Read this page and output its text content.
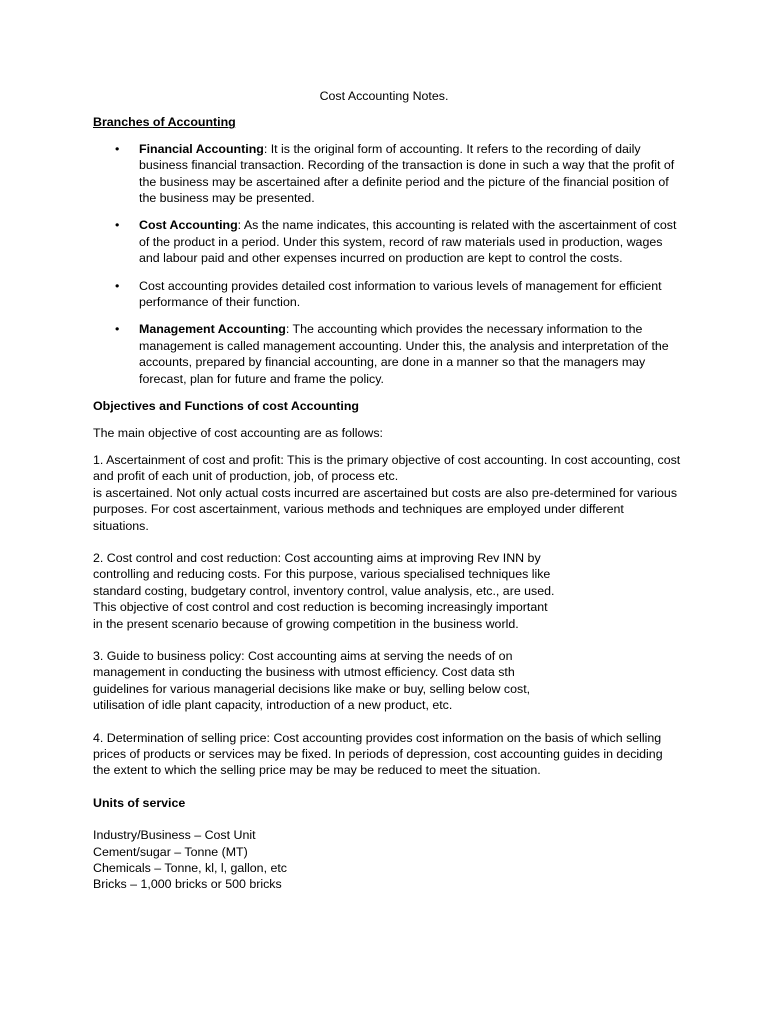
Cost Accounting Notes.
Branches of Accounting
• Financial Accounting: It is the original form of accounting. It refers to the recording of daily business financial transaction. Recording of the transaction is done in such a way that the profit of the business may be ascertained after a definite period and the picture of the financial position of the business may be presented.
• Cost Accounting: As the name indicates, this accounting is related with the ascertainment of cost of the product in a period. Under this system, record of raw materials used in production, wages and labour paid and other expenses incurred on production are kept to control the costs.
• Cost accounting provides detailed cost information to various levels of management for efficient performance of their function.
• Management Accounting: The accounting which provides the necessary information to the management is called management accounting. Under this, the analysis and interpretation of the accounts, prepared by financial accounting, are done in a manner so that the managers may forecast, plan for future and frame the policy.
Objectives and Functions of cost Accounting
The main objective of cost accounting are as follows:
1. Ascertainment of cost and profit: This is the primary objective of cost accounting. In cost accounting, cost and profit of each unit of production, job, of process etc.
is ascertained. Not only actual costs incurred are ascertained but costs are also pre-determined for various purposes. For cost ascertainment, various methods and techniques are employed under different situations.
2. Cost control and cost reduction: Cost accounting aims at improving Rev INN by
controlling and reducing costs. For this purpose, various specialised techniques like
standard costing, budgetary control, inventory control, value analysis, etc., are used.
This objective of cost control and cost reduction is becoming increasingly important
in the present scenario because of growing competition in the business world.
3. Guide to business policy: Cost accounting aims at serving the needs of on
management in conducting the business with utmost efficiency. Cost data sth
guidelines for various managerial decisions like make or buy, selling below cost,
utilisation of idle plant capacity, introduction of a new product, etc.
4. Determination of selling price: Cost accounting provides cost information on the basis of which selling prices of products or services may be fixed. In periods of depression, cost accounting guides in deciding the extent to which the selling price may be may be reduced to meet the situation.
Units of service
Industry/Business – Cost Unit
Cement/sugar – Tonne (MT)
Chemicals – Tonne, kl, l, gallon, etc
Bricks – 1,000 bricks or 500 bricks
